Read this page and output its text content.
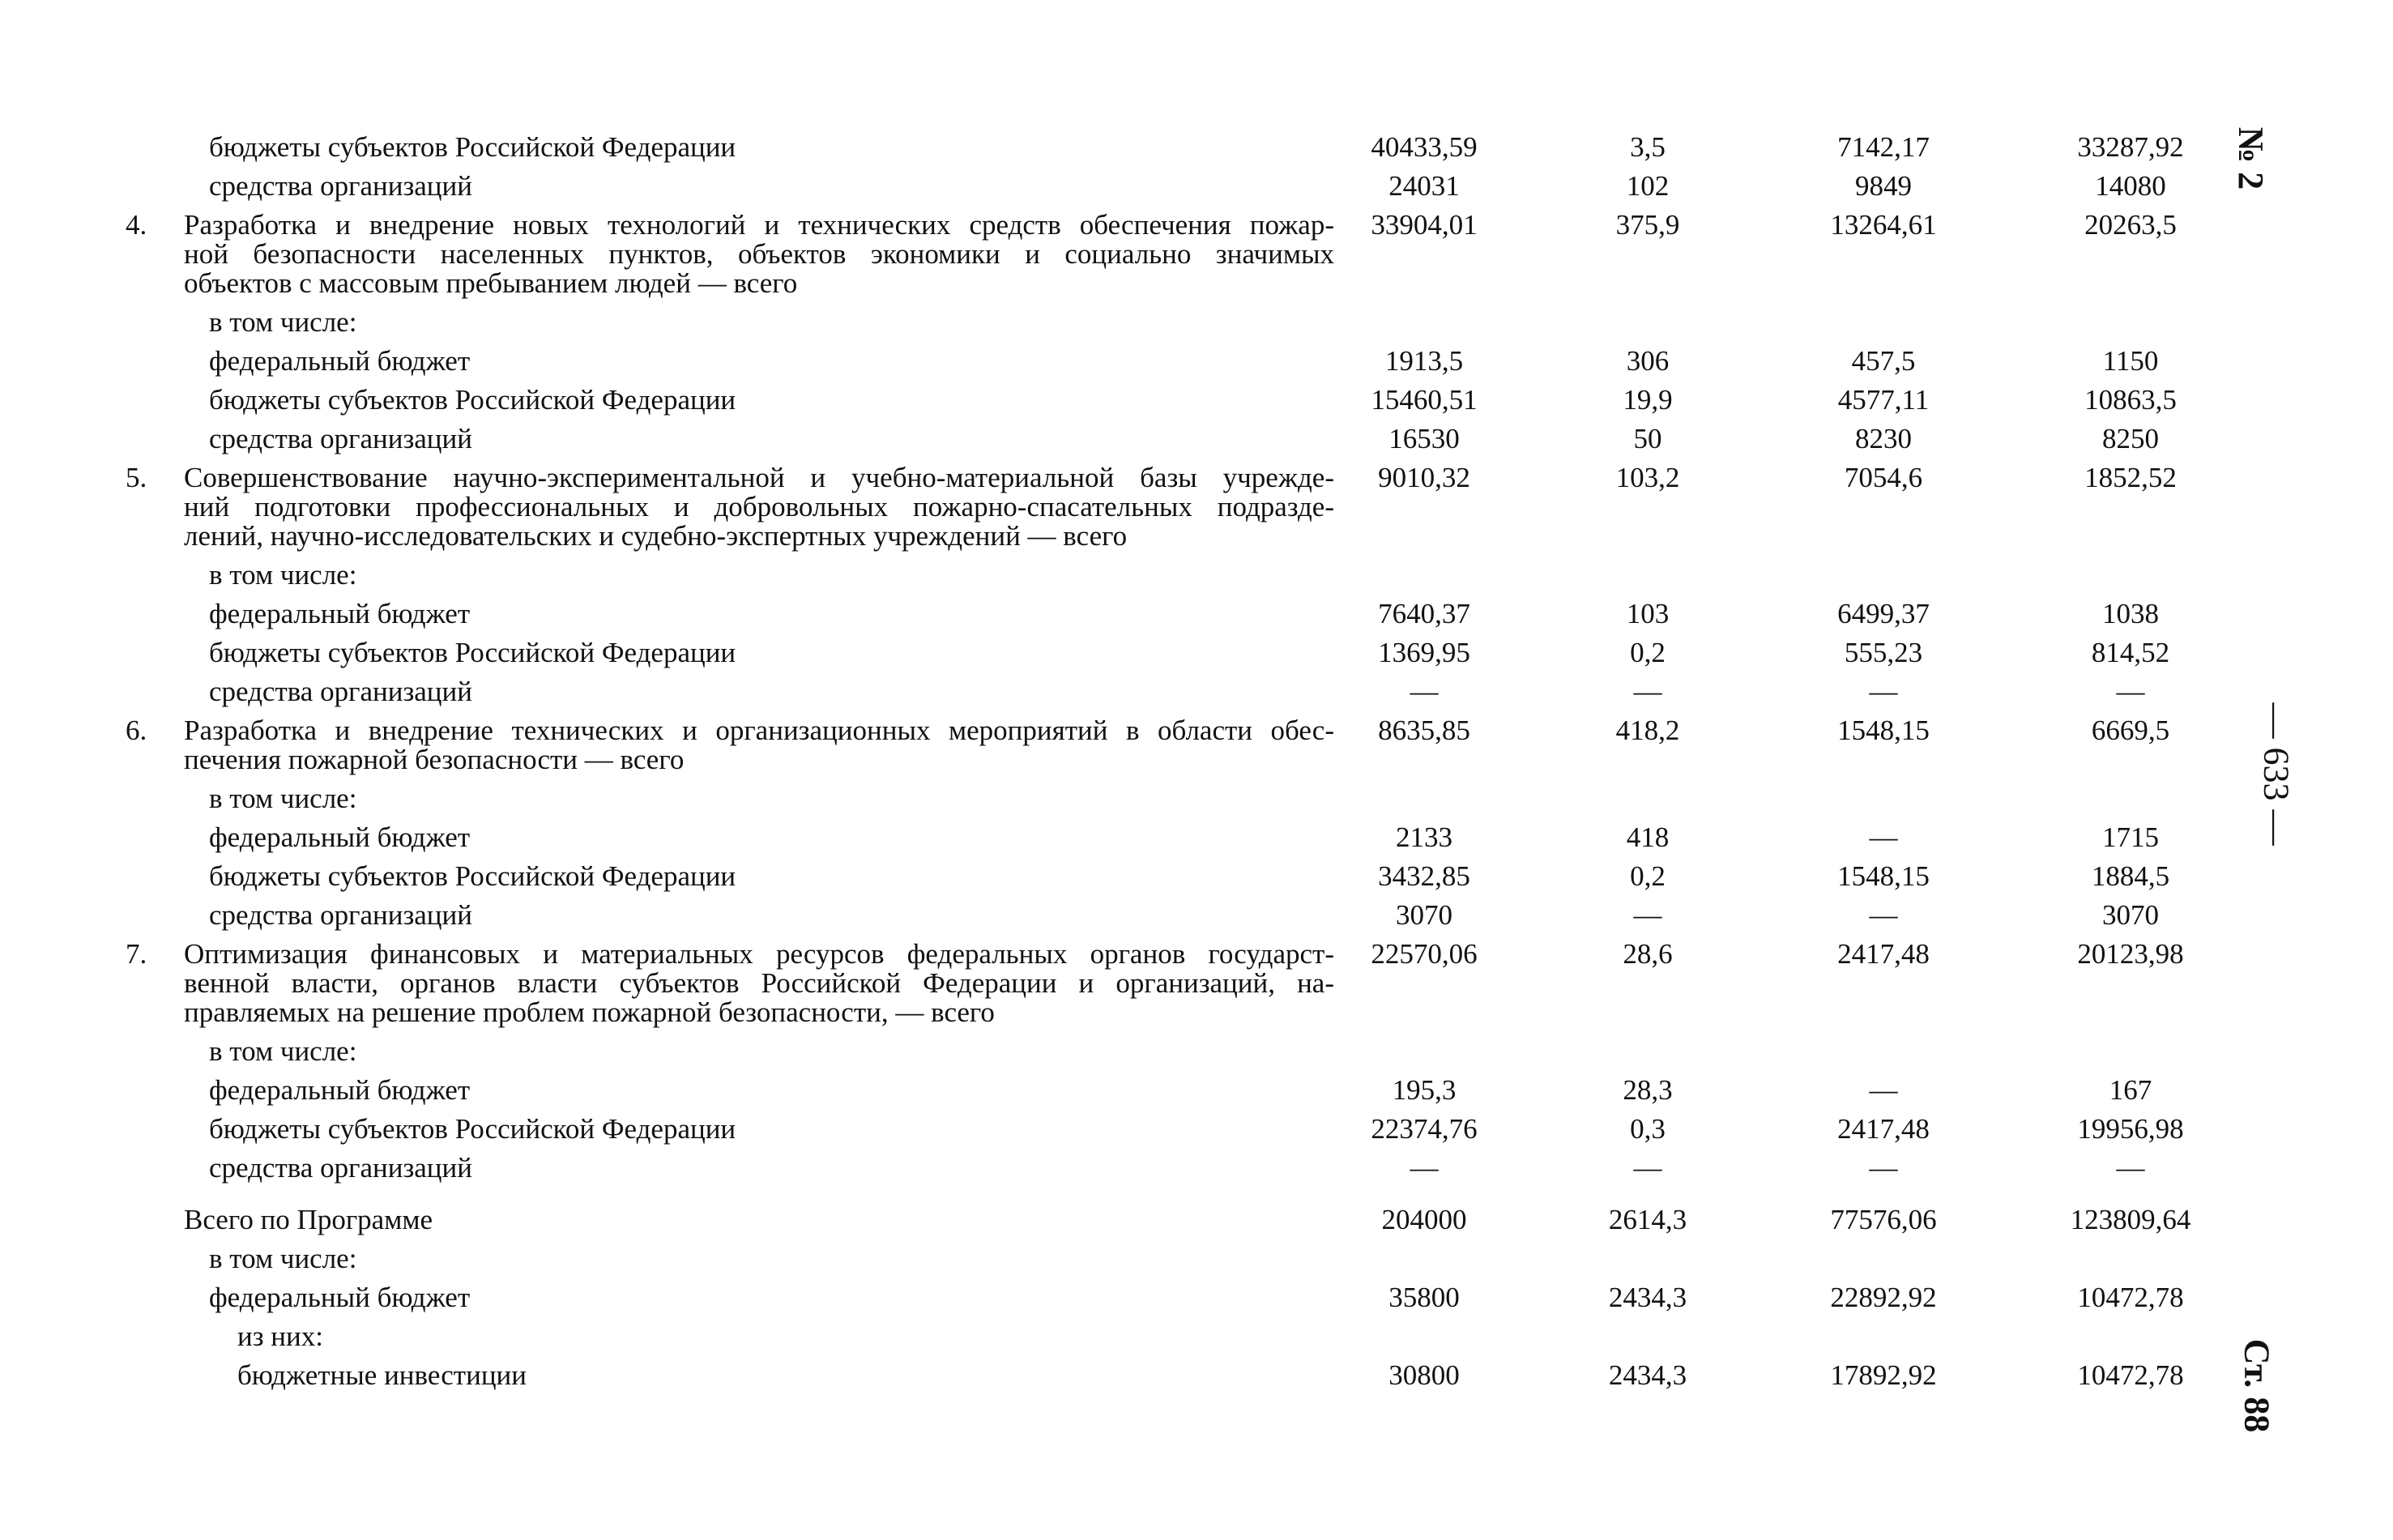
бюджеты субъектов Российской Федерации	40433,59	3,5	7142,17	33287,92
средства организаций	24031	102	9849	14080
4. Разработка и внедрение новых технологий и технических средств обеспечения пожар-
ной безопасности населенных пунктов, объектов экономики и социально значимых
объектов с массовым пребыванием людей — всего
33904,01	375,9	13264,61	20263,5
в том числе:
федеральный бюджет	1913,5	306	457,5	1150
бюджеты субъектов Российской Федерации	15460,51	19,9	4577,11	10863,5
средства организаций	16530	50	8230	8250
5. Совершенствование научно-экспериментальной и учебно-материальной базы учрежде-
ний подготовки профессиональных и добровольных пожарно-спасательных подразде-
лений, научно-исследовательских и судебно-экспертных учреждений — всего
9010,32	103,2	7054,6	1852,52
в том числе:
федеральный бюджет	7640,37	103	6499,37	1038
бюджеты субъектов Российской Федерации	1369,95	0,2	555,23	814,52
средства организаций	—	—	—	—
6. Разработка и внедрение технических и организационных мероприятий в области обес-
печения пожарной безопасности — всего
8635,85	418,2	1548,15	6669,5
в том числе:
федеральный бюджет	2133	418	—	1715
бюджеты субъектов Российской Федерации	3432,85	0,2	1548,15	1884,5
средства организаций	3070	—	—	3070
7. Оптимизация финансовых и материальных ресурсов федеральных органов государст-
венной власти, органов власти субъектов Российской Федерации и организаций, на-
правляемых на решение проблем пожарной безопасности, — всего
22570,06	28,6	2417,48	20123,98
в том числе:
федеральный бюджет	195,3	28,3	—	167
бюджеты субъектов Российской Федерации	22374,76	0,3	2417,48	19956,98
средства организаций	—	—	—	—
Всего по Программе	204000	2614,3	77576,06	123809,64
в том числе:
федеральный бюджет	35800	2434,3	22892,92	10472,78
из них:
бюджетные инвестиции	30800	2434,3	17892,92	10472,78
№ 2
— 633 —
Ст. 88
